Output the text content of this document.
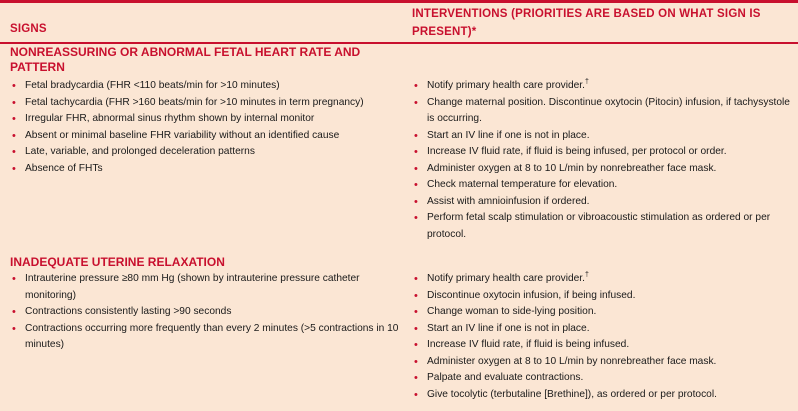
SIGNS
INTERVENTIONS (PRIORITIES ARE BASED ON WHAT SIGN IS PRESENT)*
NONREASSURING OR ABNORMAL FETAL HEART RATE AND PATTERN
• Fetal bradycardia (FHR <110 beats/min for >10 minutes)
• Fetal tachycardia (FHR >160 beats/min for >10 minutes in term pregnancy)
• Irregular FHR, abnormal sinus rhythm shown by internal monitor
• Absent or minimal baseline FHR variability without an identified cause
• Late, variable, and prolonged deceleration patterns
• Absence of FHTs
• Notify primary health care provider.†
• Change maternal position. Discontinue oxytocin (Pitocin) infusion, if tachysystole is occurring.
• Start an IV line if one is not in place.
• Increase IV fluid rate, if fluid is being infused, per protocol or order.
• Administer oxygen at 8 to 10 L/min by nonrebreather face mask.
• Check maternal temperature for elevation.
• Assist with amnioinfusion if ordered.
• Perform fetal scalp stimulation or vibroacoustic stimulation as ordered or per protocol.
INADEQUATE UTERINE RELAXATION
• Intrauterine pressure ≥80 mm Hg (shown by intrauterine pressure catheter monitoring)
• Contractions consistently lasting >90 seconds
• Contractions occurring more frequently than every 2 minutes (>5 contractions in 10 minutes)
• Notify primary health care provider.†
• Discontinue oxytocin infusion, if being infused.
• Change woman to side-lying position.
• Start an IV line if one is not in place.
• Increase IV fluid rate, if fluid is being infused.
• Administer oxygen at 8 to 10 L/min by nonrebreather face mask.
• Palpate and evaluate contractions.
• Give tocolytic (terbutaline [Brethine]), as ordered or per protocol.
